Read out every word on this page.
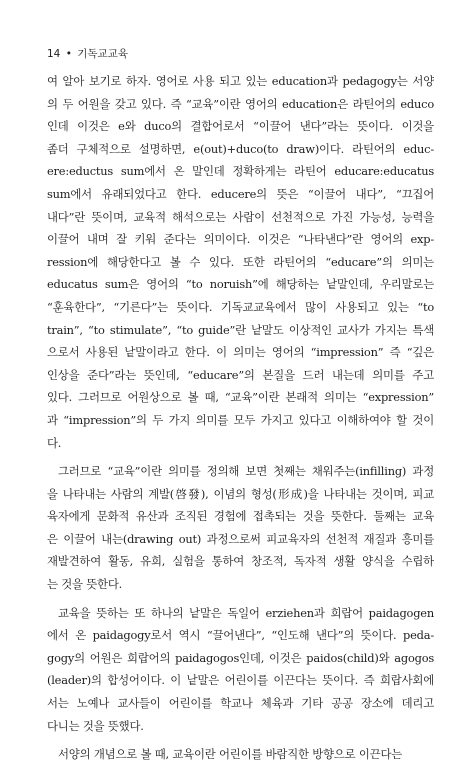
14 • 기독교교육
여 알아 보기로 하자. 영어로 사용 되고 있는 education과 pedagogy는 서양
의 두 어원을 갖고 있다. 즉 “교육”이란 영어의 education은 라틴어의 educo
인데 이것은 e와 duco의 결합어로서 “이끌어 낸다”라는 뜻이다. 이것을
좀더 구체적으로 설명하면, e(out)+duco(to draw)이다. 라틴어의 educ-
ere:eductus sum에서 온 말인데 정확하게는 라틴어 educare:educatus
sum에서 유래되었다고 한다. educere의 뜻은 “이끌어 내다”, “끄집어
내다”란 뜻이며, 교육적 해석으로는 사람이 선천적으로 가진 가능성, 능력을
이끌어 내며 잘 키워 준다는 의미이다. 이것은 “나타낸다”란 영어의 exp-
ression에 해당한다고 볼 수 있다. 또한 라틴어의 “educare”의 의미는
educatus sum은 영어의 “to noruish”에 해당하는 낱말인데, 우리말로는
“훈육한다”, “기른다”는 뜻이다. 기독교교육에서 많이 사용되고 있는 “to
train”, “to stimulate”, “to guide”란 낱말도 이상적인 교사가 가지는 특색
으로서 사용된 낱말이라고 한다. 이 의미는 영어의 “impression” 즉 “깊은
인상을 준다”라는 뜻인데, “educare”의 본질을 드러 내는데 의미를 주고
있다. 그러므로 어원상으로 볼 때, “교육”이란 본래적 의미는 “expression”
과 “impression”의 두 가지 의미를 모두 가지고 있다고 이해하여야 할 것이
다.
그러므로 “교육”이란 의미를 정의해 보면 첫째는 채워주는(infilling) 과정
을 나타내는 사람의 계발(啓發), 이념의 형성(形成)을 나타내는 것이며, 피교
육자에게 문화적 유산과 조직된 경험에 접촉되는 것을 뜻한다. 둘째는 교육
은 이끌어 내는(drawing out) 과정으로써 피교육자의 선천적 재질과 흥미를
재발견하여 활동, 유희, 실험을 통하여 창조적, 독자적 생활 양식을 수립하
는 것을 뜻한다.
교육을 뜻하는 또 하나의 낱말은 독일어 erziehen과 희랍어 paidagogen
에서 온 paidagogy로서 역시 “끌어낸다”, “인도해 낸다”의 뜻이다. peda-
gogy의 어원은 희랍어의 paidagogos인데, 이것은 paidos(child)와 agogos
(leader)의 합성어이다. 이 낱말은 어린이를 이끈다는 뜻이다. 즉 희랍사회에
서는 노예나 교사들이 어린이를 학교나 체육과 기타 공공 장소에 데리고
다니는 것을 뜻했다.
서양의 개념으로 볼 때, 교육이란 어린이를 바람직한 방향으로 이끈다는
